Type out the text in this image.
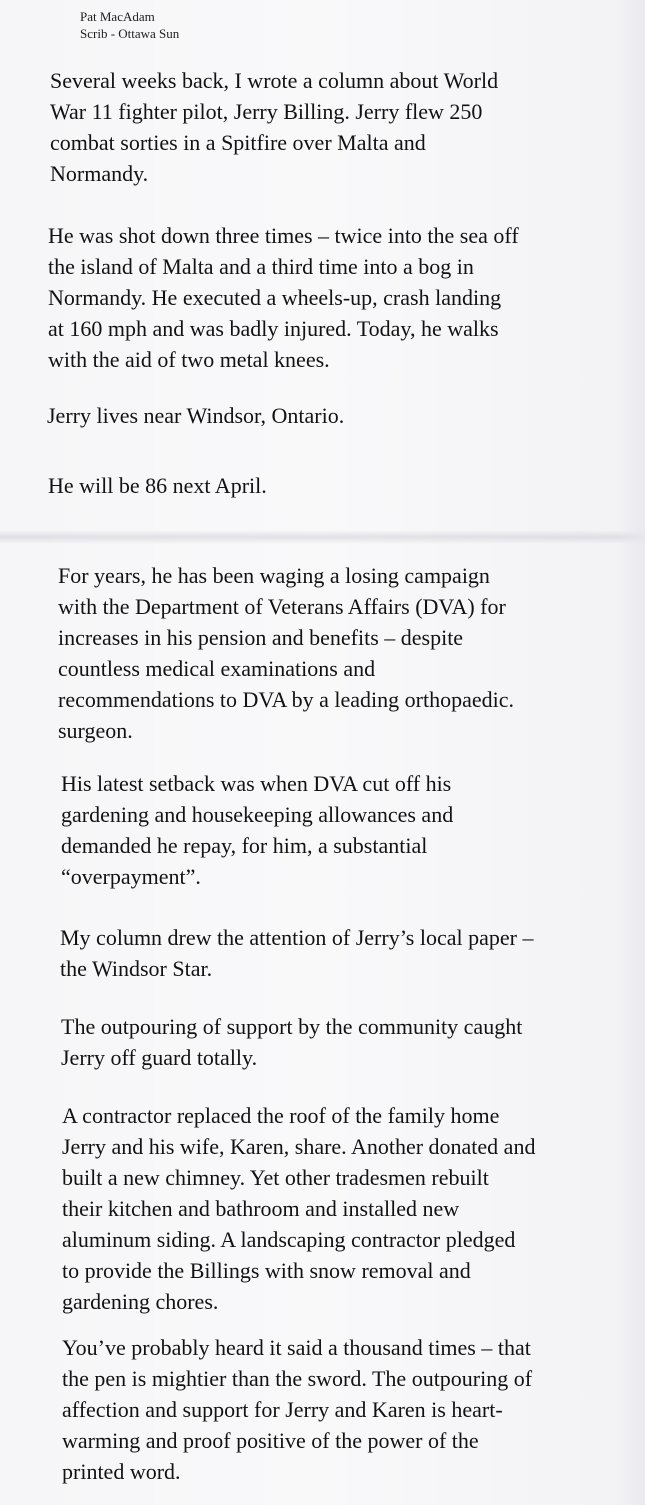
Pat MacAdam
Scrib - Ottawa Sun

Several weeks back, I wrote a column about World
War 11 fighter pilot, Jerry Billing. Jerry flew 250
combat sorties in a Spitfire over Malta and
Normandy.

He was shot down three times – twice into the sea off
the island of Malta and a third time into a bog in
Normandy. He executed a wheels-up, crash landing
at 160 mph and was badly injured. Today, he walks
with the aid of two metal knees.

Jerry lives near Windsor, Ontario.

He will be 86 next April.

For years, he has been waging a losing campaign
with the Department of Veterans Affairs (DVA) for
increases in his pension and benefits – despite
countless medical examinations and
recommendations to DVA by a leading orthopaedic.
surgeon.

His latest setback was when DVA cut off his
gardening and housekeeping allowances and
demanded he repay, for him, a substantial
“overpayment”.

My column drew the attention of Jerry’s local paper –
the Windsor Star.

The outpouring of support by the community caught
Jerry off guard totally.

A contractor replaced the roof of the family home
Jerry and his wife, Karen, share. Another donated and
built a new chimney. Yet other tradesmen rebuilt
their kitchen and bathroom and installed new
aluminum siding. A landscaping contractor pledged
to provide the Billings with snow removal and
gardening chores.

You’ve probably heard it said a thousand times – that
the pen is mightier than the sword. The outpouring of
affection and support for Jerry and Karen is heart-
warming and proof positive of the power of the
printed word.
